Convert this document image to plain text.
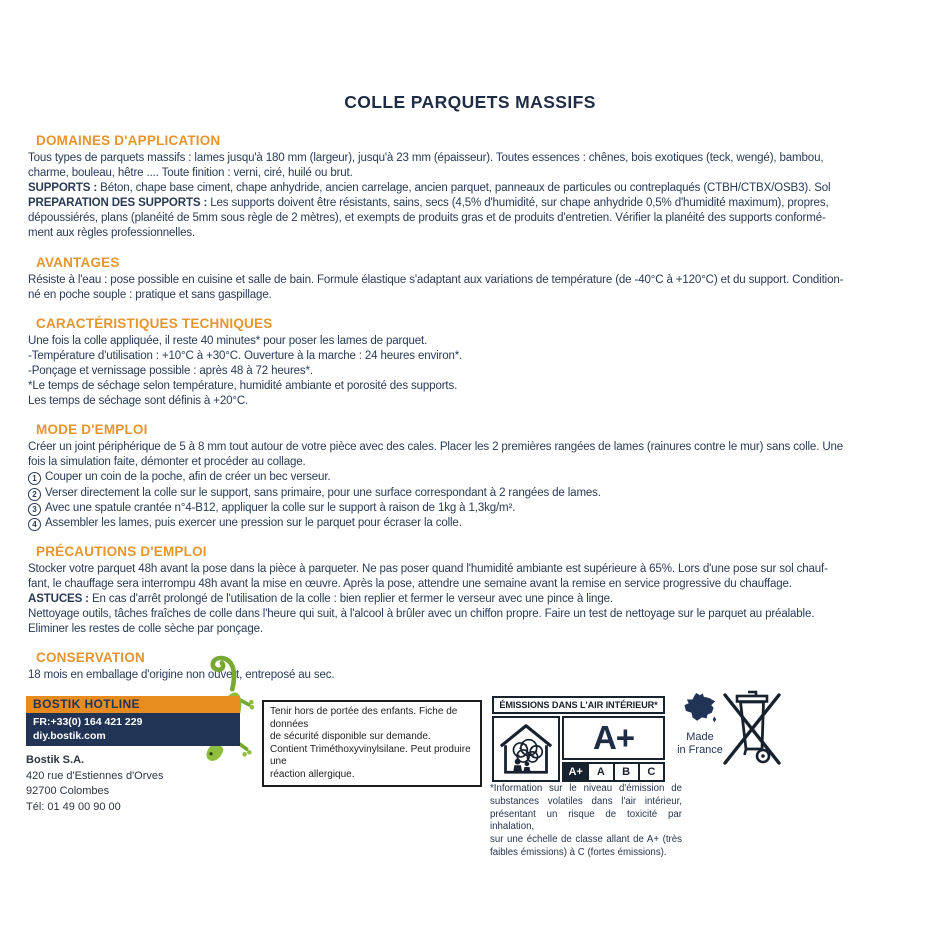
COLLE PARQUETS MASSIFS
DOMAINES D'APPLICATION
Tous types de parquets massifs : lames jusqu'à 180 mm (largeur), jusqu'à 23 mm (épaisseur). Toutes essences : chênes, bois exotiques (teck, wengé), bambou,
charme, bouleau, hêtre .... Toute finition : verni, ciré, huilé ou brut.
SUPPORTS : Béton, chape base ciment, chape anhydride, ancien carrelage, ancien parquet, panneaux de particules ou contreplaqués (CTBH/CTBX/OSB3). Sol
PREPARATION DES SUPPORTS : Les supports doivent être résistants, sains, secs (4,5% d'humidité, sur chape anhydride 0,5% d'humidité maximum), propres,
dépoussiérés, plans (planéité de 5mm sous règle de 2 mètres), et exempts de produits gras et de produits d'entretien. Vérifier la planéité des supports conformé-
ment aux règles professionnelles.
AVANTAGES
Résiste à l'eau : pose possible en cuisine et salle de bain. Formule élastique s'adaptant aux variations de température (de -40°C à +120°C) et du support. Condition-
né en poche souple : pratique et sans gaspillage.
CARACTÉRISTIQUES TECHNIQUES
Une fois la colle appliquée, il reste 40 minutes* pour poser les lames de parquet.
-Température d'utilisation : +10°C à +30°C. Ouverture à la marche : 24 heures environ*.
-Ponçage et vernissage possible : après 48 à 72 heures*.
*Le temps de séchage selon température, humidité ambiante et porosité des supports.
Les temps de séchage sont définis à +20°C.
MODE D'EMPLOI
Créer un joint périphérique de 5 à 8 mm tout autour de votre pièce avec des cales. Placer les 2 premières rangées de lames (rainures contre le mur) sans colle. Une
fois la simulation faite, démonter et procéder au collage.
1 Couper un coin de la poche, afin de créer un bec verseur.
2 Verser directement la colle sur le support, sans primaire, pour une surface correspondant à 2 rangées de lames.
3 Avec une spatule crantée n°4-B12, appliquer la colle sur le support à raison de 1kg à 1,3kg/m².
4 Assembler les lames, puis exercer une pression sur le parquet pour écraser la colle.
PRÉCAUTIONS D'EMPLOI
Stocker votre parquet 48h avant la pose dans la pièce à parqueter. Ne pas poser quand l'humidité ambiante est supérieure à 65%. Lors d'une pose sur sol chauf-
fant, le chauffage sera interrompu 48h avant la mise en œuvre. Après la pose, attendre une semaine avant la remise en service progressive du chauffage.
ASTUCES : En cas d'arrêt prolongé de l'utilisation de la colle : bien replier et fermer le verseur avec une pince à linge.
Nettoyage outils, tâches fraîches de colle dans l'heure qui suit, à l'alcool à brûler avec un chiffon propre. Faire un test de nettoyage sur le parquet au préalable.
Eliminer les restes de colle sèche par ponçage.
CONSERVATION
18 mois en emballage d'origine non ouvert, entreposé au sec.
BOSTIK HOTLINE
FR:+33(0) 164 421 229
diy.bostik.com
Bostik S.A.
420 rue d'Estiennes d'Orves
92700 Colombes
Tél: 01 49 00 90 00
Tenir hors de portée des enfants. Fiche de données
de sécurité disponible sur demande.
Contient Triméthoxyvinylsilane. Peut produire une
réaction allergique.
ÉMISSIONS DANS L'AIR INTÉRIEUR*
A+
A+	A	B	C
*Information sur le niveau d'émission de
substances volatiles dans l'air intérieur,
présentant un risque de toxicité par inhalation,
sur une échelle de classe allant de A+ (très
faibles émissions) à C (fortes émissions).
Made
in France
